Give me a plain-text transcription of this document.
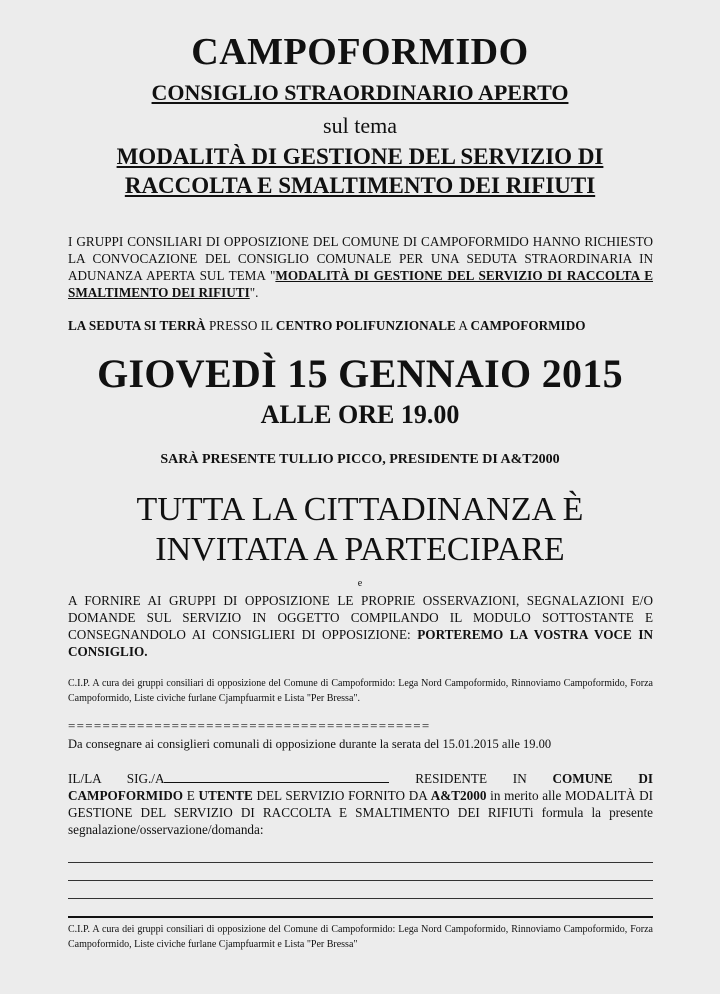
CAMPOFORMIDO
CONSIGLIO STRAORDINARIO APERTO
sul tema
MODALITÀ DI GESTIONE DEL SERVIZIO DI
RACCOLTA E SMALTIMENTO DEI RIFIUTI
I GRUPPI CONSILIARI DI OPPOSIZIONE DEL COMUNE DI CAMPOFORMIDO HANNO RICHIESTO LA CONVOCAZIONE DEL CONSIGLIO COMUNALE PER UNA SEDUTA STRAORDINARIA IN ADUNANZA APERTA SUL TEMA "MODALITÀ DI GESTIONE DEL SERVIZIO DI RACCOLTA E SMALTIMENTO DEI RIFIUTI".
LA SEDUTA SI TERRÀ PRESSO IL CENTRO POLIFUNZIONALE A CAMPOFORMIDO
GIOVEDÌ 15 GENNAIO 2015
ALLE ORE 19.00
SARÀ PRESENTE TULLIO PICCO, PRESIDENTE DI A&T2000
TUTTA LA CITTADINANZA È
INVITATA A PARTECIPARE
e
A FORNIRE AI GRUPPI DI OPPOSIZIONE LE PROPRIE OSSERVAZIONI, SEGNALAZIONI E/O DOMANDE SUL SERVIZIO IN OGGETTO COMPILANDO IL MODULO SOTTOSTANTE E CONSEGNANDOLO AI CONSIGLIERI DI OPPOSIZIONE: PORTEREMO LA VOSTRA VOCE IN CONSIGLIO.
C.I.P. A cura dei gruppi consiliari di opposizione del Comune di Campoformido: Lega Nord Campoformido, Rinnoviamo Campoformido, Forza Campoformido, Liste civiche furlane Cjampfuarmit e Lista "Per Bressa".
==========================================
Da consegnare ai consiglieri comunali di opposizione durante la serata del 15.01.2015 alle 19.00
IL/LA SIG./A	RESIDENTE IN COMUNE DI CAMPOFORMIDO E UTENTE DEL SERVIZIO FORNITO DA A&T2000 in merito alle MODALITÀ DI GESTIONE DEL SERVIZIO DI RACCOLTA E SMALTIMENTO DEI RIFIUTi formula la presente segnalazione/osservazione/domanda:
C.I.P. A cura dei gruppi consiliari di opposizione del Comune di Campoformido: Lega Nord Campoformido, Rinnoviamo Campoformido, Forza Campoformido, Liste civiche furlane Cjampfuarmit e Lista "Per Bressa"
